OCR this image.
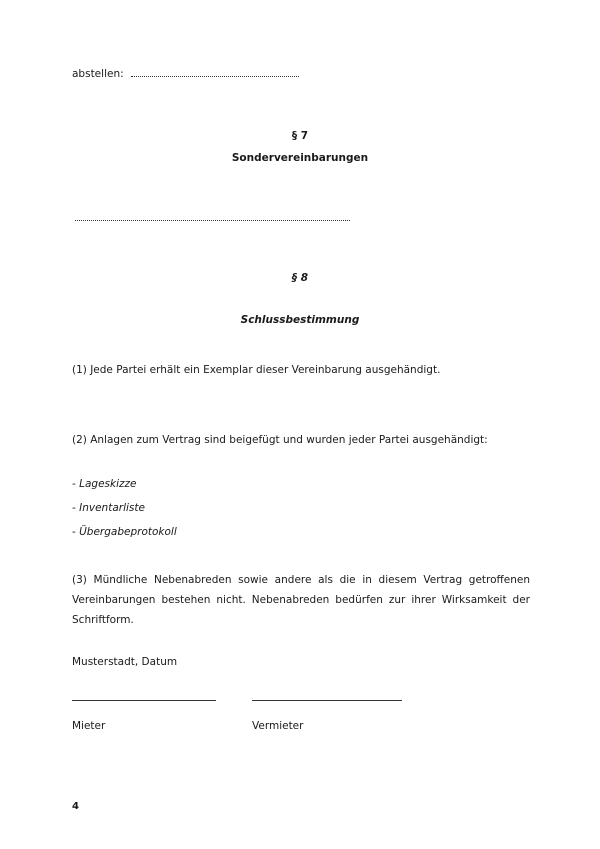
abstellen:
§ 7
Sondervereinbarungen
§ 8
Schlussbestimmung
(1) Jede Partei erhält ein Exemplar dieser Vereinbarung ausgehändigt.
(2) Anlagen zum Vertrag sind beigefügt und wurden jeder Partei ausgehändigt:
- Lageskizze
- Inventarliste
- Übergabeprotokoll
(3) Mündliche Nebenabreden sowie andere als die in diesem Vertrag getroffenen Vereinbarungen bestehen nicht. Nebenabreden bedürfen zur ihrer Wirksamkeit der Schriftform.
Musterstadt, Datum
Mieter	Vermieter
4
